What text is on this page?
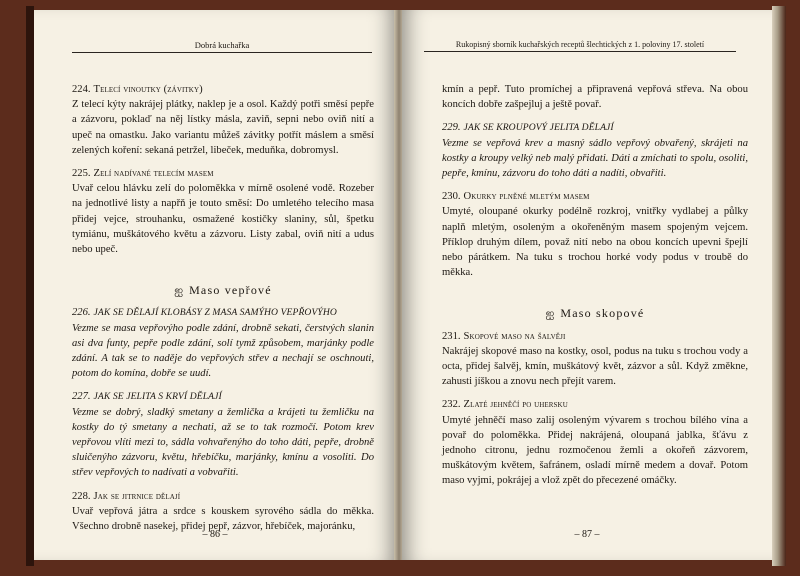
Dobrá kuchařka
224. Telecí vinoutky (závitky)
Z telecí kýty nakrájej plátky, naklep je a osol. Každý potři směsí pepře a zázvoru, poklaď na něj lístky másla, zaviň, sepni nebo oviň nití a upeč na omastku. Jako variantu můžeš závitky potřít máslem a směsí zelených koření: sekaná petržel, libeček, meduňka, dobromysl.
225. Zelí nadívané telecím masem
Uvař celou hlávku zelí do poloměkka v mírně osolené vodě. Rozeber na jednotlivé listy a napřň je touto směsí: Do umletého telecího masa přidej vejce, strouhanku, osmažené kostičky slaniny, sůl, špetku tymiánu, muškátového květu a zázvoru. Listy zabal, oviň nití a udus nebo upeč.
ஐ Maso vepřové
226. JAK SE DĚLAJÍ KLOBÁSY Z MASA SAMÝHO VEPŘOVÝHO
Vezme se masa vepřovýho podle zdání, drobně sekati, čerstvých slanin asi dva funty, pepře podle zdání, solí tymž způsobem, marjánky podle zdání. A tak se to naděje do vepřových střev a nechají se oschnouti, potom do komína, dobře se uudí.
227. JAK SE JELITA S KRVÍ DĚLAJÍ
Vezme se dobrý, sladký smetany a žemlička a krájeti tu žemličku na kostky do tý smetany a nechati, až se to tak rozmočí. Potom krev vepřovou vlíti mezi to, sádla vohvařenýho do toho dáti, pepře, drobně sluičenýho zázvoru, květu, hřebíčku, marjánky, kmínu a vosoliti. Do střev vepřových to nadívati a vobvařiti.
228. Jak se jitrnice dělají
Uvař vepřová játra a srdce s kouskem syrového sádla do měkka. Všechno drobně nasekej, přidej pepř, zázvor, hřebíček, majoránku,
– 86 –
Rukopisný sborník kuchařských receptů šlechtických z 1. poloviny 17. století
kmín a pepř. Tuto promíchej a připravená vepřová střeva. Na obou koncích dobře zašpejluj a ještě povař.
229. JAK SE KROUPOVÝ JELITA DĚLAJÍ
Vezme se vepřová krev a masný sádlo vepřový obvařený, skrájeti na kostky a kroupy velký neb malý přidati. Dáti a zmíchati to spolu, osoliti, pepře, kmínu, zázvoru do toho dáti a nadíti, obvařiti.
230. Okurky plněné mletým masem
Umyté, oloupané okurky podélně rozkroj, vnitřky vydlabej a půlky naplň mletým, osoleným a okořeněným masem spojeným vejcem. Příklop druhým dílem, považ nití nebo na obou koncích upevni špejlí nebo párátkem. Na tuku s trochou horké vody podus v troubě do měkka.
ஐ Maso skopové
231. Skopové maso na šalvěji
Nakrájej skopové maso na kostky, osol, podus na tuku s trochou vody a octa, přidej šalvěj, kmín, muškátový květ, zázvor a sůl. Když změkne, zahusti jíškou a znovu nech přejít varem.
232. Zlaté jehněčí po uhersku
Umyté jehněčí maso zalij osoleným vývarem s trochou bílého vína a povař do poloměkka. Přidej nakrájená, oloupaná jablka, šťávu z jednoho citronu, jednu rozmočenou žemli a okořeň zázvorem, muškátovým květem, šafránem, osladí mírně medem a dovař. Potom maso vyjmi, pokrájej a vlož zpět do přecezené omáčky.
– 87 –
